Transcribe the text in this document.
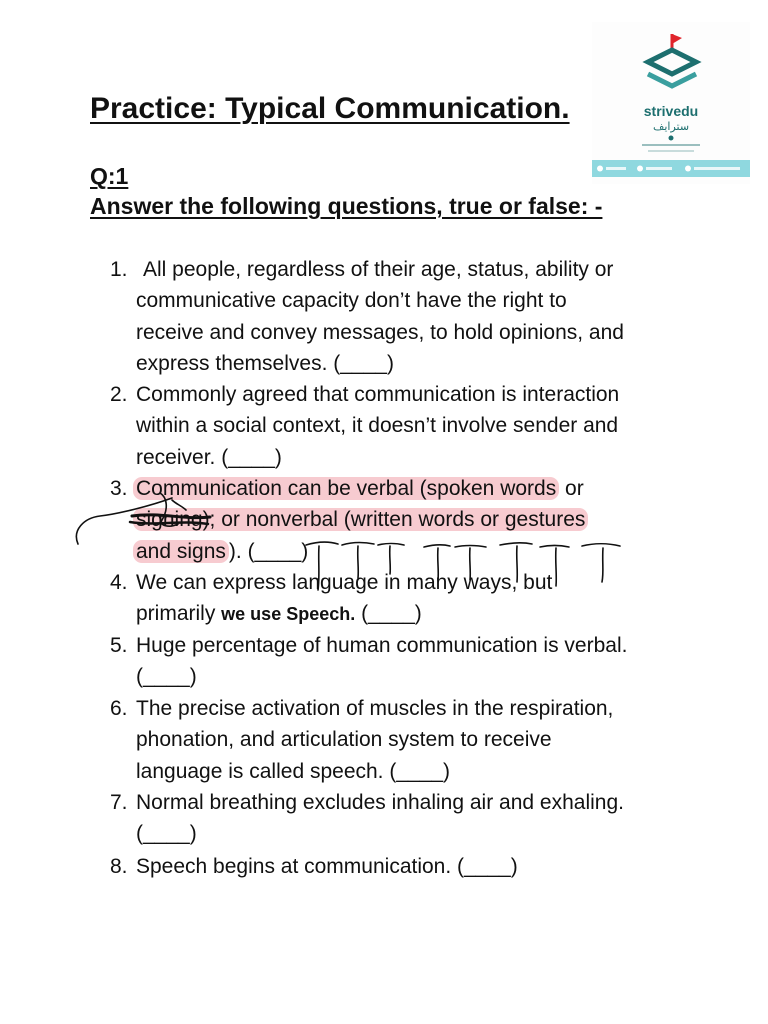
Practice: Typical Communication.	strivedu
سترايف
Q:1
Answer the following questions, true or false: -
1. All people, regardless of their age, status, ability or
communicative capacity don’t have the right to
receive and convey messages, to hold opinions, and
express themselves. (____)
2. Commonly agreed that communication is interaction
within a social context, it doesn’t involve sender and
receiver. (____)
3. Communication can be verbal (spoken words or
signing); or nonverbal (written words or gestures
and signs ). (____)
4. We can express language in many ways, but
primarily we use Speech. (____)
5. Huge percentage of human communication is verbal.
(____)
6. The precise activation of muscles in the respiration,
phonation, and articulation system to receive
language is called speech. (____)
7. Normal breathing excludes inhaling air and exhaling.
(____)
8. Speech begins at communication. (____)
